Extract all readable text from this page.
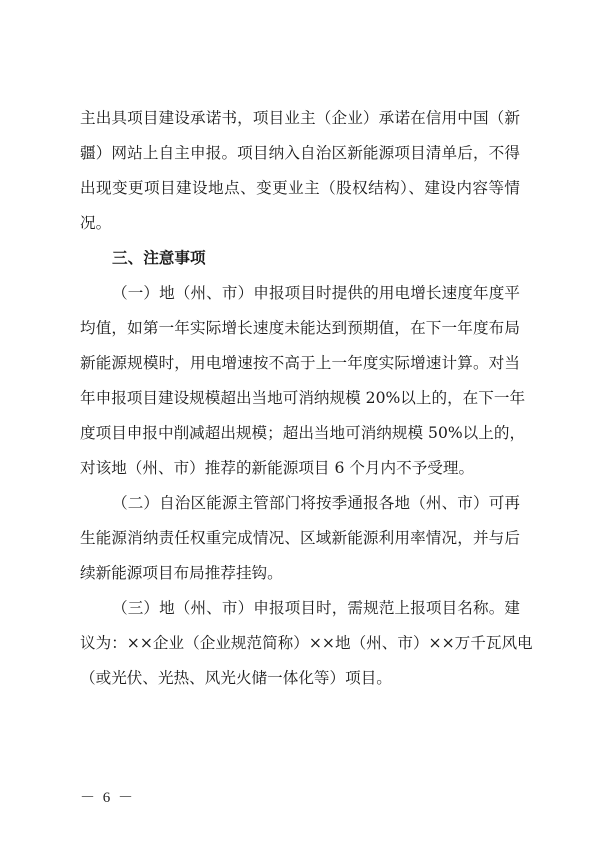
主出具项目建设承诺书，项目业主（企业）承诺在信用中国（新
疆）网站上自主申报。项目纳入自治区新能源项目清单后，不得
出现变更项目建设地点、变更业主（股权结构）、建设内容等情
况。
三、注意事项
（一）地（州、市）申报项目时提供的用电增长速度年度平
均值，如第一年实际增长速度未能达到预期值，在下一年度布局
新能源规模时，用电增速按不高于上一年度实际增速计算。对当
年申报项目建设规模超出当地可消纳规模 20%以上的，在下一年
度项目申报中削减超出规模；超出当地可消纳规模 50%以上的，
对该地（州、市）推荐的新能源项目 6 个月内不予受理。
（二）自治区能源主管部门将按季通报各地（州、市）可再
生能源消纳责任权重完成情况、区域新能源利用率情况，并与后
续新能源项目布局推荐挂钩。
（三）地（州、市）申报项目时，需规范上报项目名称。建
议为：××企业（企业规范简称）××地（州、市）××万千瓦风电
（或光伏、光热、风光火储一体化等）项目。
－ 6 －
